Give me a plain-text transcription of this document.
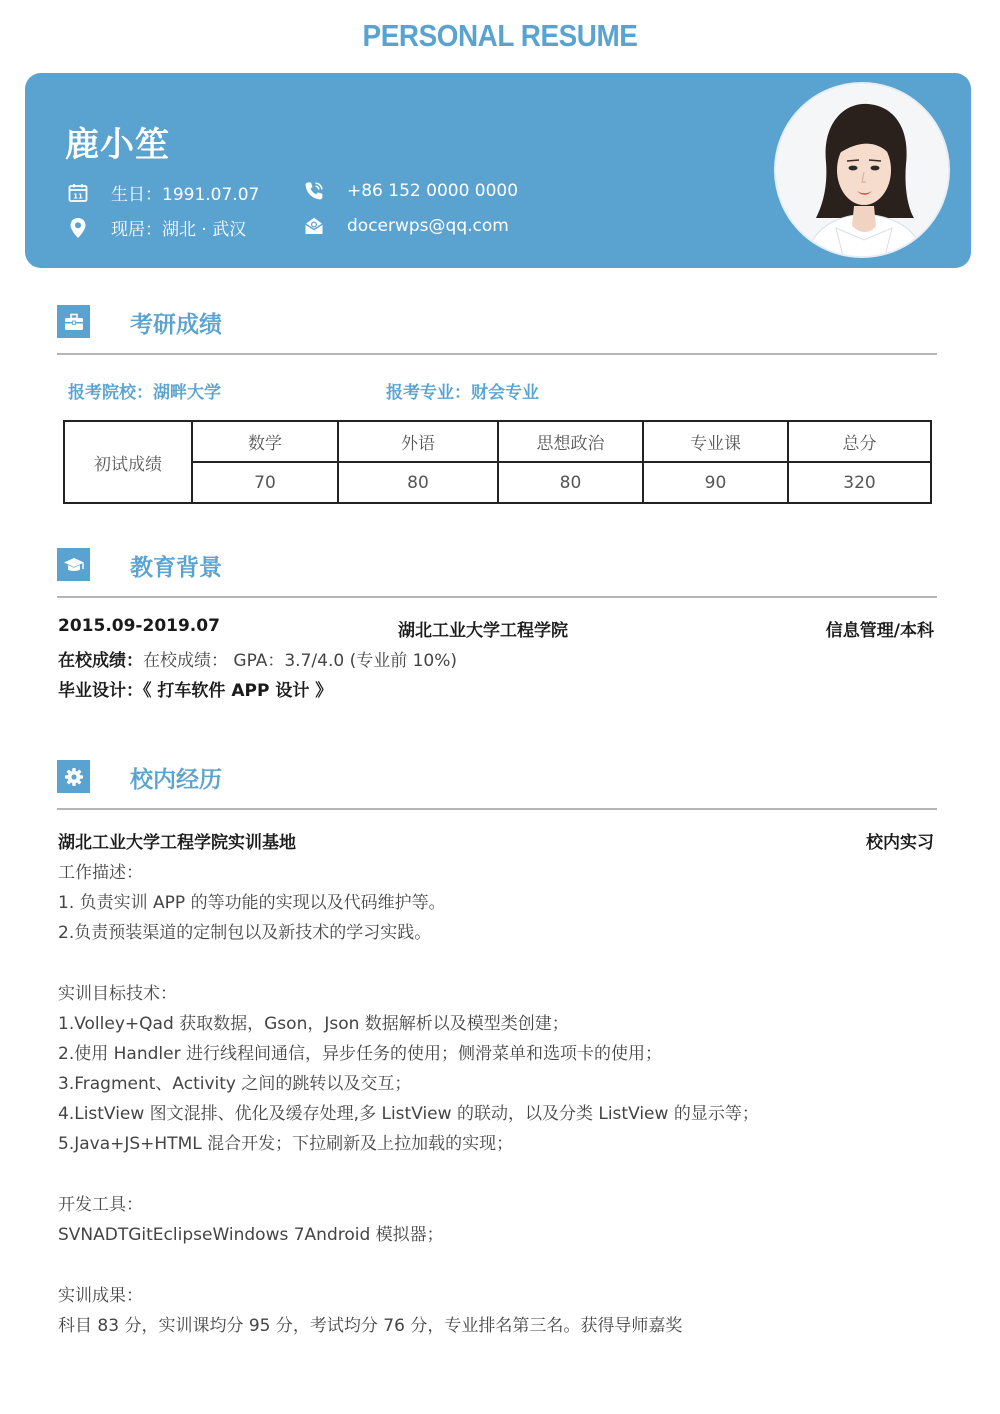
PERSONAL RESUME
鹿小笙
11 生日：1991.07.07
现居：湖北 · 武汉
+86 152 0000 0000
docerwps@qq.com
考研成绩
报考院校：湖畔大学	报考专业：财会专业
初试成绩	数学	外语	思想政治	专业课	总分
	70	80	80	90	320
教育背景
2015.09-2019.07	湖北工业大学工程学院	信息管理/本科
在校成绩：在校成绩： GPA：3.7/4.0 (专业前 10%)
毕业设计：《 打车软件 APP 设计 》
校内经历
湖北工业大学工程学院实训基地	校内实习
工作描述：
1. 负责实训 APP 的等功能的实现以及代码维护等。
2.负责预装渠道的定制包以及新技术的学习实践。
实训目标技术：
1.Volley+Qad 获取数据，Gson，Json 数据解析以及模型类创建；
2.使用 Handler 进行线程间通信，异步任务的使用；侧滑菜单和选项卡的使用；
3.Fragment、Activity 之间的跳转以及交互；
4.ListView 图文混排、优化及缓存处理,多 ListView 的联动，以及分类 ListView 的显示等；
5.Java+JS+HTML 混合开发；下拉刷新及上拉加载的实现；
开发工具：
SVNADTGitEclipseWindows 7Android 模拟器；
实训成果：
科目 83 分，实训课均分 95 分，考试均分 76 分，专业排名第三名。获得导师嘉奖
